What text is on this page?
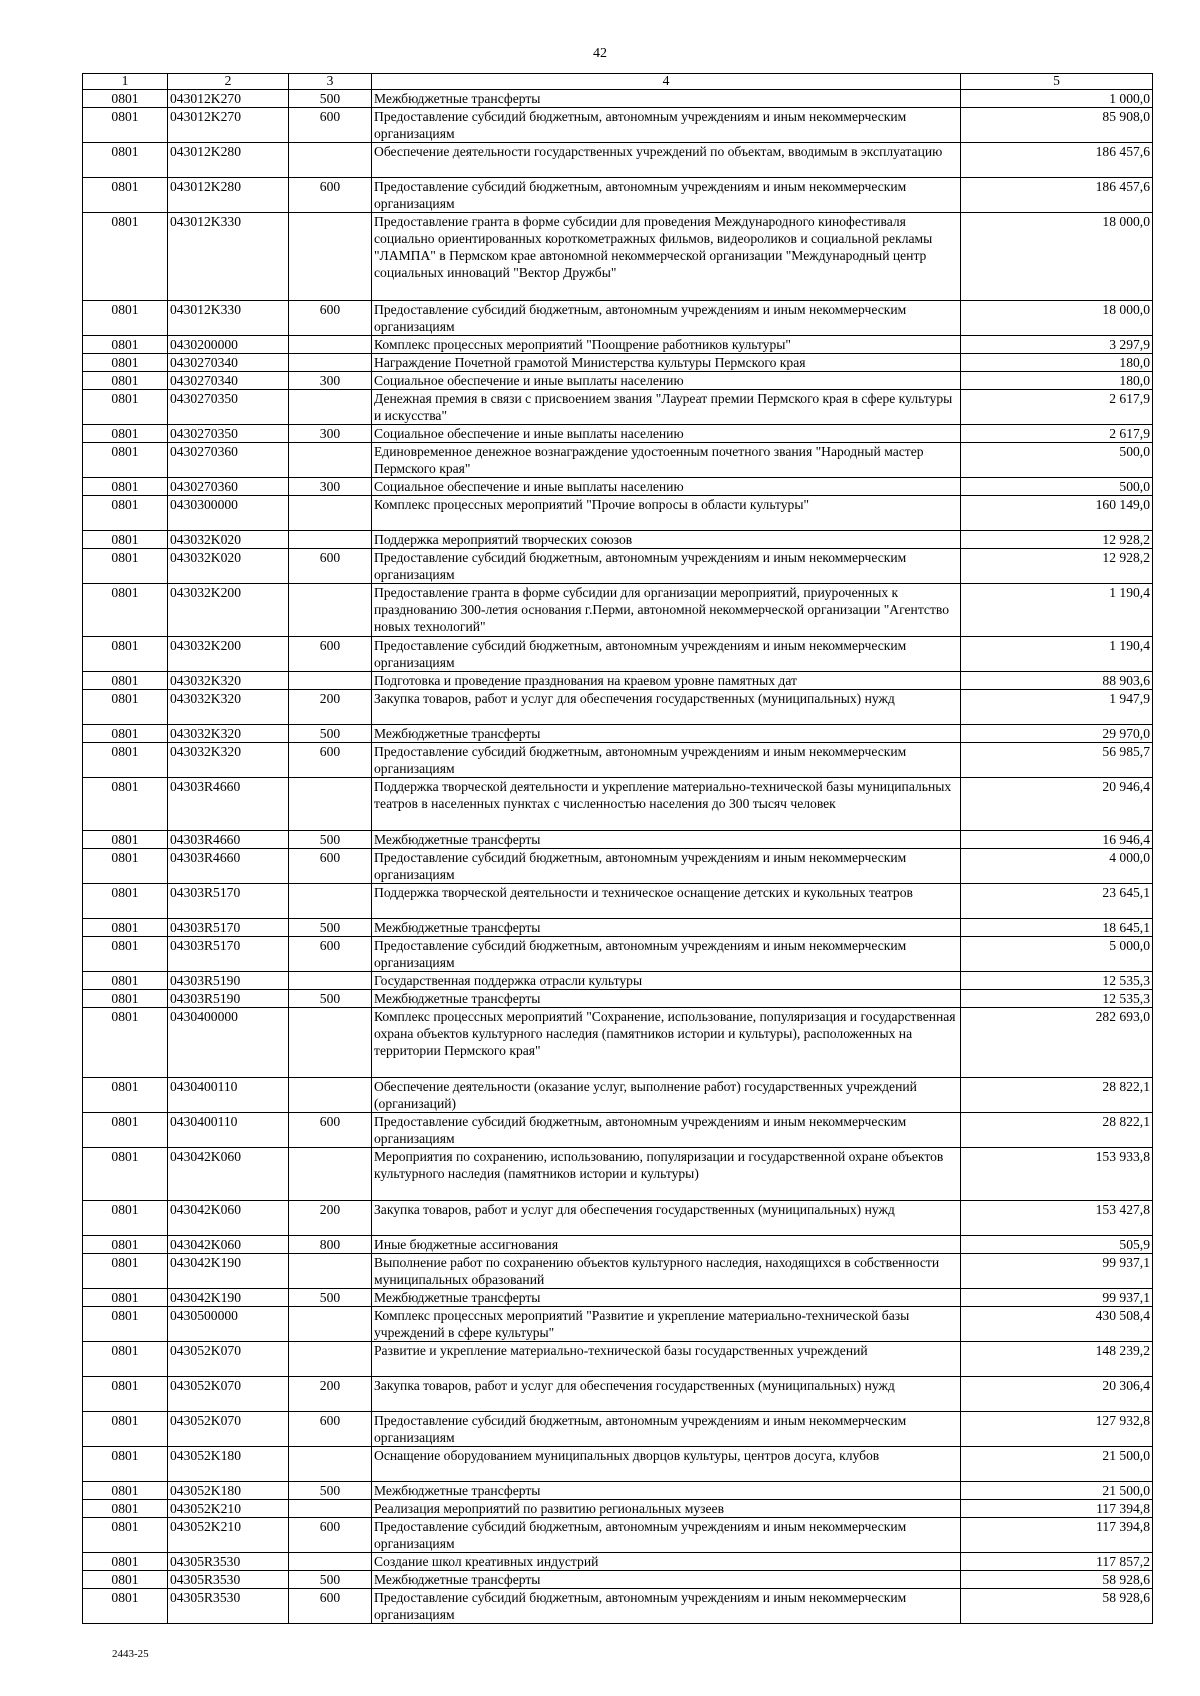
42
1	2	3	4	5
0801	043012K270	500	Межбюджетные трансферты	1 000,0
0801	043012K270	600	Предоставление субсидий бюджетным, автономным учреждениям и иным некоммерческим организациям	85 908,0
0801	043012K280		Обеспечение деятельности государственных учреждений по объектам, вводимым в эксплуатацию	186 457,6
0801	043012K280	600	Предоставление субсидий бюджетным, автономным учреждениям и иным некоммерческим организациям	186 457,6
0801	043012K330		Предоставление гранта в форме субсидии для проведения Международного кинофестиваля социально ориентированных короткометражных фильмов, видеороликов и социальной рекламы "ЛАМПА" в Пермском крае автономной некоммерческой организации "Международный центр социальных инноваций "Вектор Дружбы"	18 000,0
0801	043012K330	600	Предоставление субсидий бюджетным, автономным учреждениям и иным некоммерческим организациям	18 000,0
0801	0430200000		Комплекс процессных мероприятий "Поощрение работников культуры"	3 297,9
0801	0430270340		Награждение Почетной грамотой Министерства культуры Пермского края	180,0
0801	0430270340	300	Социальное обеспечение и иные выплаты населению	180,0
0801	0430270350		Денежная премия в связи с присвоением звания "Лауреат премии Пермского края в сфере культуры и искусства"	2 617,9
0801	0430270350	300	Социальное обеспечение и иные выплаты населению	2 617,9
0801	0430270360		Единовременное денежное вознаграждение удостоенным почетного звания "Народный мастер Пермского края"	500,0
0801	0430270360	300	Социальное обеспечение и иные выплаты населению	500,0
0801	0430300000		Комплекс процессных мероприятий "Прочие вопросы в области культуры"	160 149,0
0801	043032K020		Поддержка мероприятий творческих союзов	12 928,2
0801	043032K020	600	Предоставление субсидий бюджетным, автономным учреждениям и иным некоммерческим организациям	12 928,2
0801	043032K200		Предоставление гранта в форме субсидии для организации мероприятий, приуроченных к празднованию 300-летия основания г.Перми, автономной некоммерческой организации "Агентство новых технологий"	1 190,4
0801	043032K200	600	Предоставление субсидий бюджетным, автономным учреждениям и иным некоммерческим организациям	1 190,4
0801	043032K320		Подготовка и проведение празднования на краевом уровне памятных дат	88 903,6
0801	043032K320	200	Закупка товаров, работ и услуг для обеспечения государственных (муниципальных) нужд	1 947,9
0801	043032K320	500	Межбюджетные трансферты	29 970,0
0801	043032K320	600	Предоставление субсидий бюджетным, автономным учреждениям и иным некоммерческим организациям	56 985,7
0801	04303R4660		Поддержка творческой деятельности и укрепление материально-технической базы муниципальных театров в населенных пунктах с численностью населения до 300 тысяч человек	20 946,4
0801	04303R4660	500	Межбюджетные трансферты	16 946,4
0801	04303R4660	600	Предоставление субсидий бюджетным, автономным учреждениям и иным некоммерческим организациям	4 000,0
0801	04303R5170		Поддержка творческой деятельности и техническое оснащение детских и кукольных театров	23 645,1
0801	04303R5170	500	Межбюджетные трансферты	18 645,1
0801	04303R5170	600	Предоставление субсидий бюджетным, автономным учреждениям и иным некоммерческим организациям	5 000,0
0801	04303R5190		Государственная поддержка отрасли культуры	12 535,3
0801	04303R5190	500	Межбюджетные трансферты	12 535,3
0801	0430400000		Комплекс процессных мероприятий "Сохранение, использование, популяризация и государственная охрана объектов культурного наследия (памятников истории и культуры), расположенных на территории Пермского края"	282 693,0
0801	0430400110		Обеспечение деятельности (оказание услуг, выполнение работ) государственных учреждений (организаций)	28 822,1
0801	0430400110	600	Предоставление субсидий бюджетным, автономным учреждениям и иным некоммерческим организациям	28 822,1
0801	043042K060		Мероприятия по сохранению, использованию, популяризации и государственной охране объектов культурного наследия (памятников истории и культуры)	153 933,8
0801	043042K060	200	Закупка товаров, работ и услуг для обеспечения государственных (муниципальных) нужд	153 427,8
0801	043042K060	800	Иные бюджетные ассигнования	505,9
0801	043042K190		Выполнение работ по сохранению объектов культурного наследия, находящихся в собственности муниципальных образований	99 937,1
0801	043042K190	500	Межбюджетные трансферты	99 937,1
0801	0430500000		Комплекс процессных мероприятий "Развитие и укрепление материально-технической базы учреждений в сфере культуры"	430 508,4
0801	043052K070		Развитие и укрепление материально-технической базы государственных учреждений	148 239,2
0801	043052K070	200	Закупка товаров, работ и услуг для обеспечения государственных (муниципальных) нужд	20 306,4
0801	043052K070	600	Предоставление субсидий бюджетным, автономным учреждениям и иным некоммерческим организациям	127 932,8
0801	043052K180		Оснащение оборудованием муниципальных дворцов культуры, центров досуга, клубов	21 500,0
0801	043052K180	500	Межбюджетные трансферты	21 500,0
0801	043052K210		Реализация мероприятий по развитию региональных музеев	117 394,8
0801	043052K210	600	Предоставление субсидий бюджетным, автономным учреждениям и иным некоммерческим организациям	117 394,8
0801	04305R3530		Создание школ креативных индустрий	117 857,2
0801	04305R3530	500	Межбюджетные трансферты	58 928,6
0801	04305R3530	600	Предоставление субсидий бюджетным, автономным учреждениям и иным некоммерческим организациям	58 928,6
2443-25
